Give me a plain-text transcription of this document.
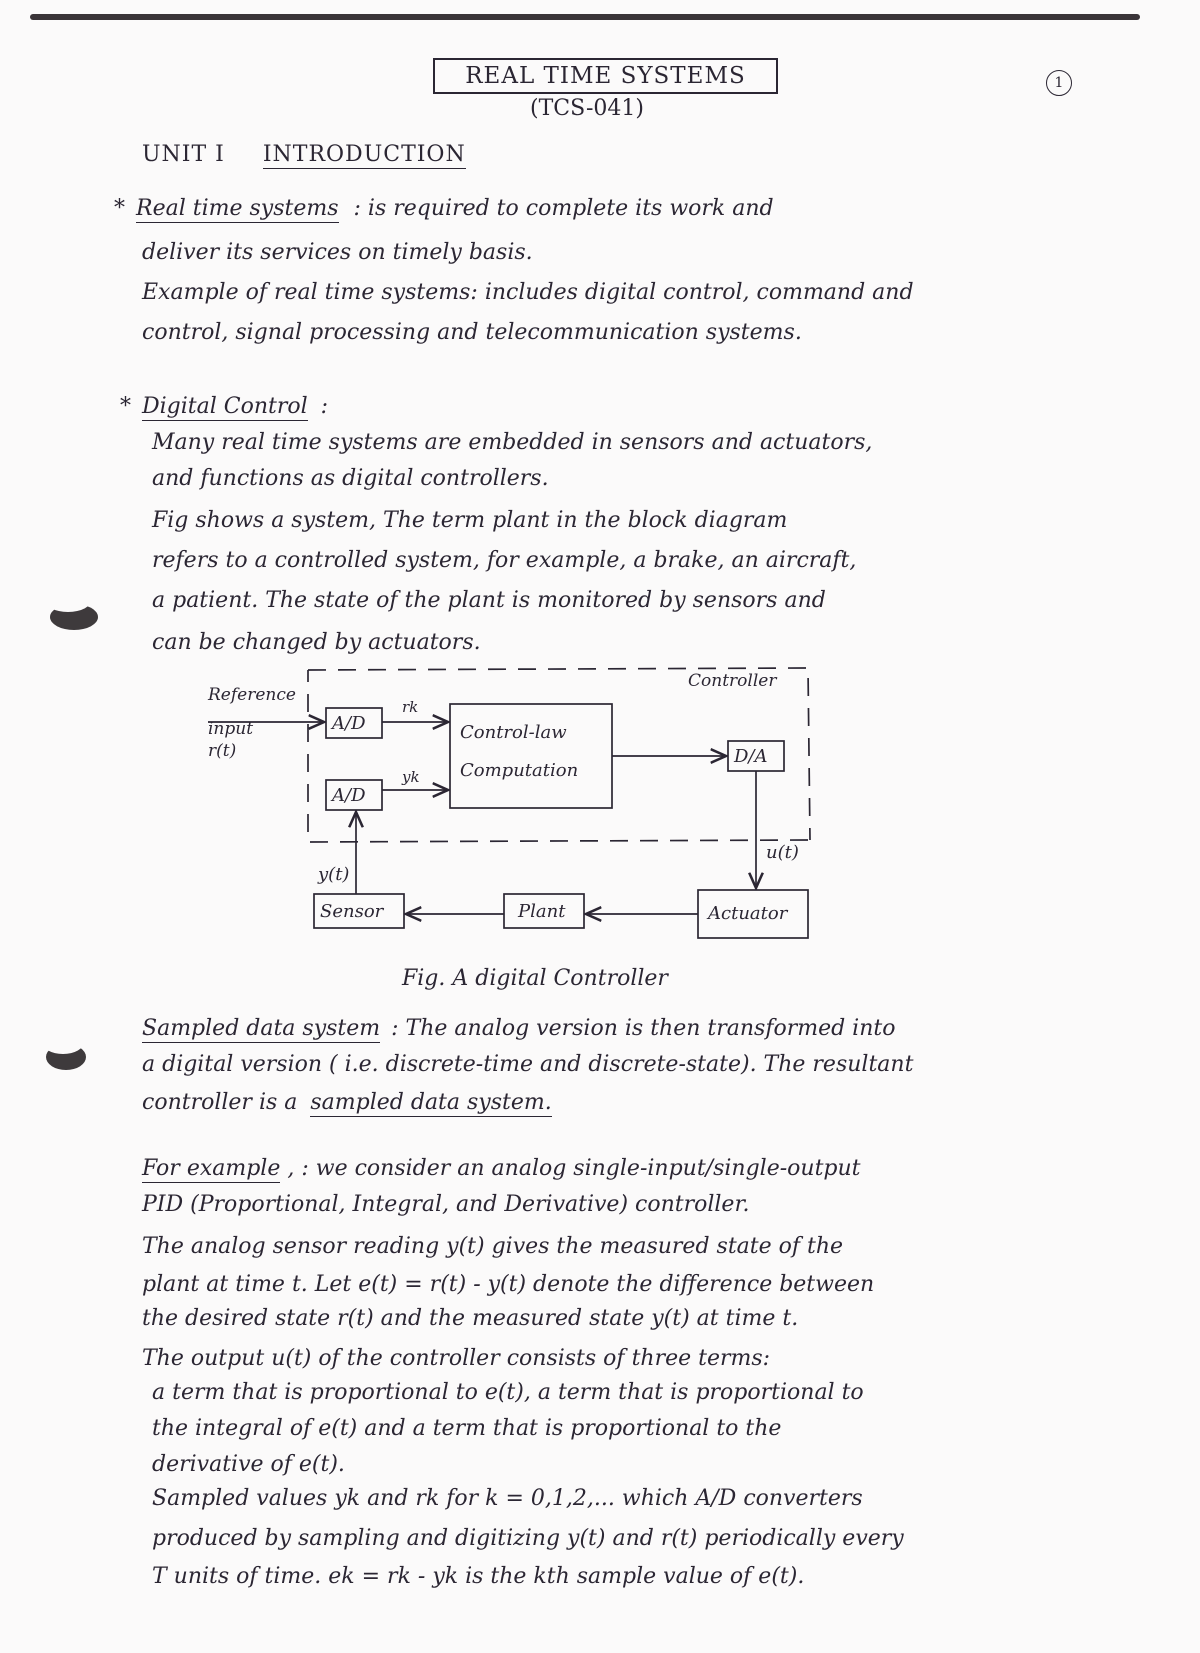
REAL TIME SYSTEMS
(TCS-041)
1
UNIT I INTRODUCTION
* Real time systems : is required to complete its work and
deliver its services on timely basis.
Example of real time systems: includes digital control, command and
control, signal processing and telecommunication systems.
* Digital Control :
Many real time systems are embedded in sensors and actuators,
and functions as digital controllers.
Fig shows a system, The term plant in the block diagram
refers to a controlled system, for example, a brake, an aircraft,
a patient. The state of the plant is monitored by sensors and
can be changed by actuators.
Controller
Reference
input
r(t)
A/D
A/D
rk
yk
Control-law
Computation
D/A
u(t)
y(t)
Sensor	Plant	Actuator
Fig. A digital Controller
Sampled data system : The analog version is then transformed into
a digital version ( i.e. discrete-time and discrete-state). The resultant
controller is a sampled data system.
For example , : we consider an analog single-input/single-output
PID (Proportional, Integral, and Derivative) controller.
The analog sensor reading y(t) gives the measured state of the
plant at time t. Let e(t) = r(t) - y(t) denote the difference between
the desired state r(t) and the measured state y(t) at time t.
The output u(t) of the controller consists of three terms:
a term that is proportional to e(t), a term that is proportional to
the integral of e(t) and a term that is proportional to the
derivative of e(t).
Sampled values yk and rk for k = 0,1,2,... which A/D converters
produced by sampling and digitizing y(t) and r(t) periodically every
T units of time. ek = rk - yk is the kth sample value of e(t).
